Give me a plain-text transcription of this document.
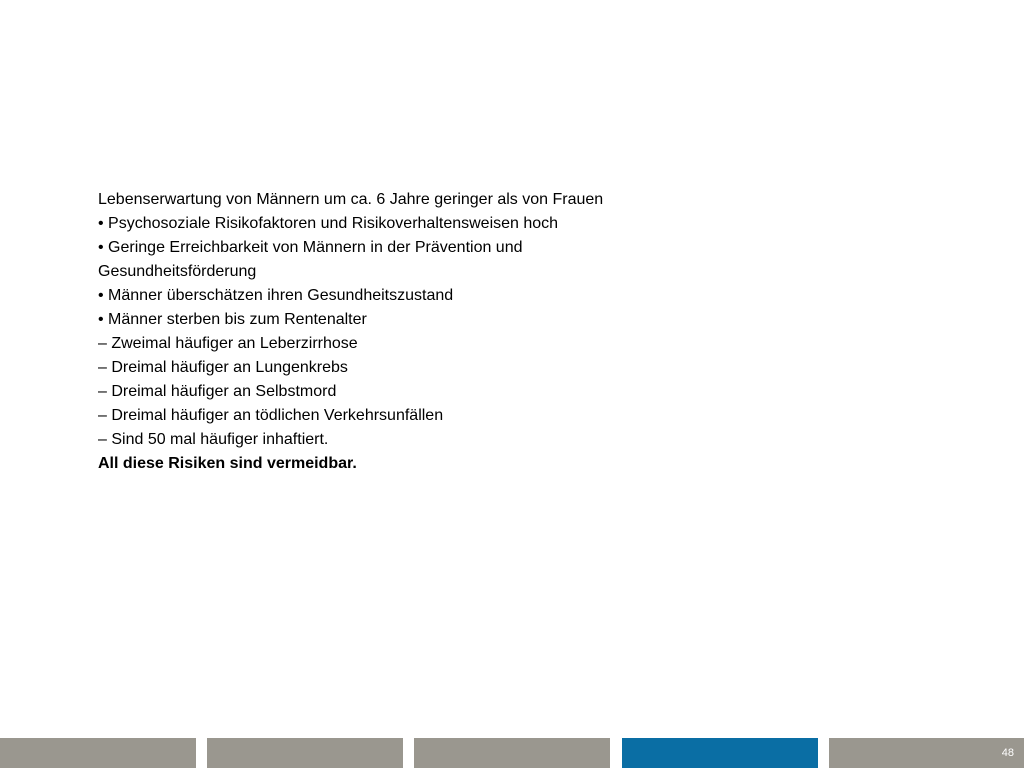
Lebenserwartung von Männern um ca. 6 Jahre geringer als von Frauen
• Psychosoziale Risikofaktoren und Risikoverhaltensweisen hoch
• Geringe Erreichbarkeit von Männern in der Prävention und Gesundheitsförderung
• Männer überschätzen ihren Gesundheitszustand
• Männer sterben bis zum Rentenalter
– Zweimal häufiger an Leberzirrhose
– Dreimal häufiger an Lungenkrebs
– Dreimal häufiger an Selbstmord
– Dreimal häufiger an tödlichen Verkehrsunfällen
– Sind 50 mal häufiger inhaftiert.
All diese Risiken sind vermeidbar.
48
